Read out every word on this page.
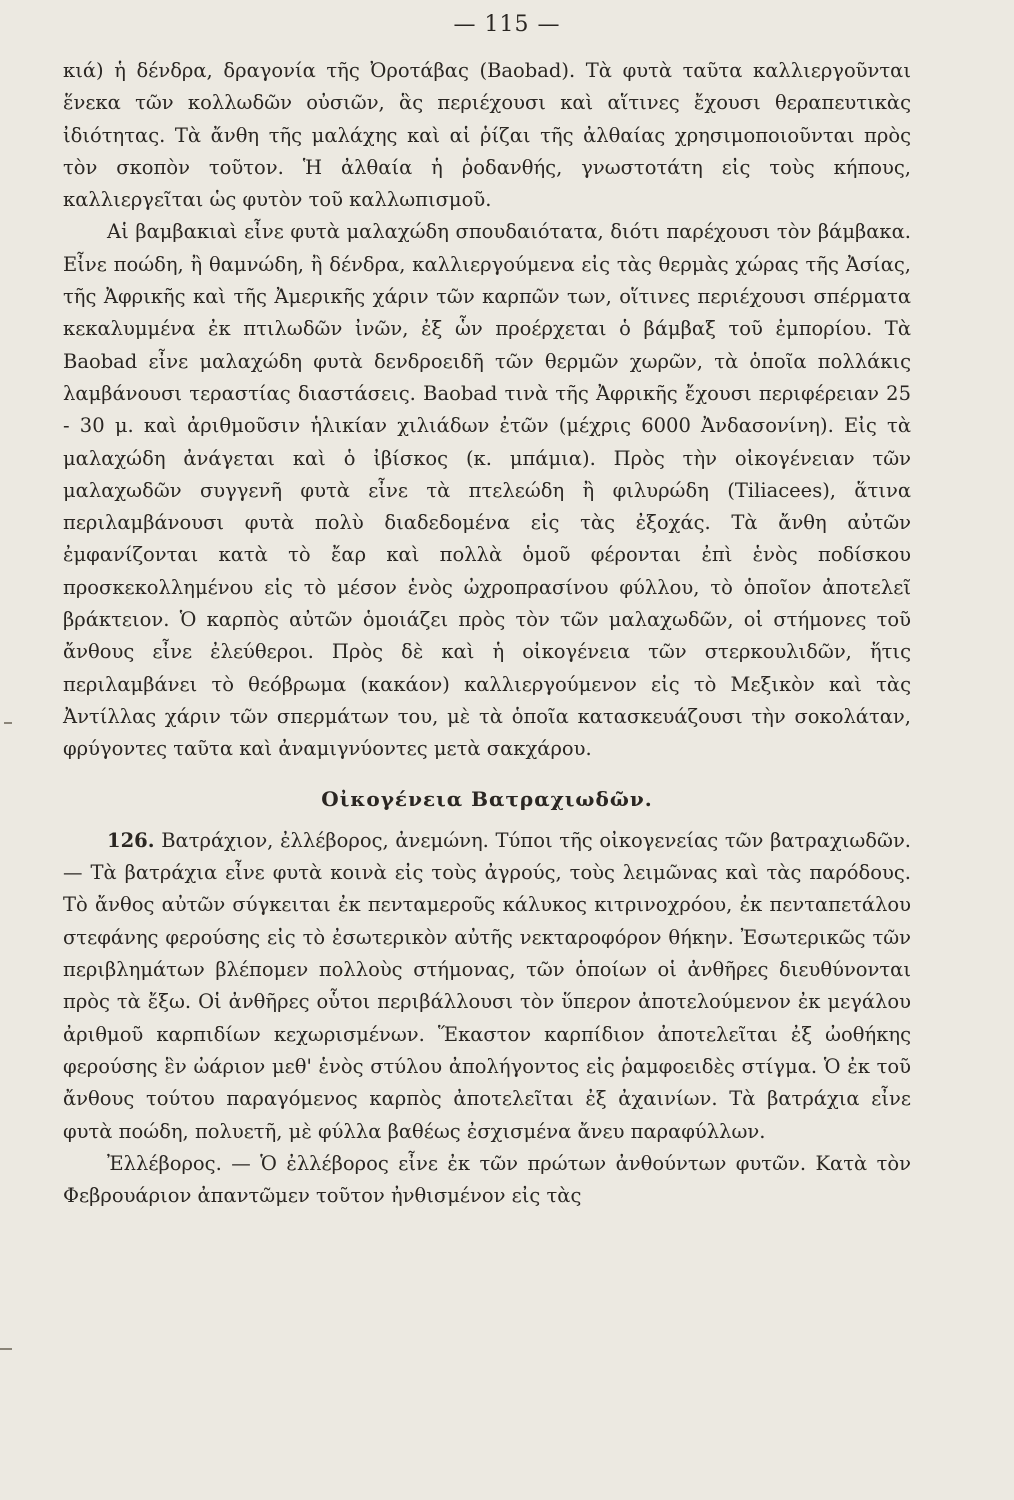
— 115 —

κιά) ἡ δένδρα, δραγονία τῆς Ὀροτάβας (Baobad). Τὰ φυτὰ ταῦτα καλλιεργοῦνται ἕνεκα τῶν κολλωδῶν οὐσιῶν, ἃς περιέχουσι καὶ αἵτινες ἔχουσι θεραπευτικὰς ἰδιότητας. Τὰ ἄνθη τῆς μαλάχης καὶ αἱ ῥίζαι τῆς ἀλθαίας χρησιμοποιοῦνται πρὸς τὸν σκοπὸν τοῦτον. Ἡ ἀλθαία ἡ ῥοδανθής, γνωστοτάτη εἰς τοὺς κήπους, καλλιεργεῖται ὡς φυτὸν τοῦ καλλωπισμοῦ.

Αἱ βαμβακιαὶ εἶνε φυτὰ μαλαχώδη σπουδαιότατα, διότι παρέχουσι τὸν βάμβακα. Εἶνε ποώδη, ἢ θαμνώδη, ἢ δένδρα, καλλιεργούμενα εἰς τὰς θερμὰς χώρας τῆς Ἀσίας, τῆς Ἀφρικῆς καὶ τῆς Ἀμερικῆς χάριν τῶν καρπῶν των, οἵτινες περιέχουσι σπέρματα κεκαλυμμένα ἐκ πτιλωδῶν ἰνῶν, ἐξ ὧν προέρχεται ὁ βάμβαξ τοῦ ἐμπορίου. Τὰ Baobad εἶνε μαλαχώδη φυτὰ δενδροειδῆ τῶν θερμῶν χωρῶν, τὰ ὁποῖα πολλάκις λαμβάνουσι τεραστίας διαστάσεις. Baobad τινὰ τῆς Ἀφρικῆς ἔχουσι περιφέρειαν 25 - 30 μ. καὶ ἀριθμοῦσιν ἡλικίαν χιλιάδων ἐτῶν (μέχρις 6000 Ἀνδασονίνη). Εἰς τὰ μαλαχώδη ἀνάγεται καὶ ὁ ἰβίσκος (κ. μπάμια). Πρὸς τὴν οἰκογένειαν τῶν μαλαχωδῶν συγγενῆ φυτὰ εἶνε τὰ πτελεώδη ἢ φιλυρώδη (Tiliacees), ἅτινα περιλαμβάνουσι φυτὰ πολὺ διαδεδομένα εἰς τὰς ἐξοχάς. Τὰ ἄνθη αὐτῶν ἐμφανίζονται κατὰ τὸ ἔαρ καὶ πολλὰ ὁμοῦ φέρονται ἐπὶ ἑνὸς ποδίσκου προσκεκολλημένου εἰς τὸ μέσον ἑνὸς ὠχροπρασίνου φύλλου, τὸ ὁποῖον ἀποτελεῖ βράκτειον. Ὁ καρπὸς αὐτῶν ὁμοιάζει πρὸς τὸν τῶν μαλαχωδῶν, οἱ στήμονες τοῦ ἄνθους εἶνε ἐλεύθεροι. Πρὸς δὲ καὶ ἡ οἰκογένεια τῶν στερκουλιδῶν, ἥτις περιλαμβάνει τὸ θεόβρωμα (κακάον) καλλιεργούμενον εἰς τὸ Μεξικὸν καὶ τὰς Ἀντίλλας χάριν τῶν σπερμάτων του, μὲ τὰ ὁποῖα κατασκευάζουσι τὴν σοκολάταν, φρύγοντες ταῦτα καὶ ἀναμιγνύοντες μετὰ σακχάρου.

Οἰκογένεια Βατραχιωδῶν.

126. Βατράχιον, ἐλλέβορος, ἀνεμώνη. Τύποι τῆς οἰκογενείας τῶν βατραχιωδῶν.— Τὰ βατράχια εἶνε φυτὰ κοινὰ εἰς τοὺς ἀγρούς, τοὺς λειμῶνας καὶ τὰς παρόδους. Τὸ ἄνθος αὐτῶν σύγκειται ἐκ πενταμεροῦς κάλυκος κιτρινοχρόου, ἐκ πενταπετάλου στεφάνης φερούσης εἰς τὸ ἐσωτερικὸν αὐτῆς νεκταροφόρον θήκην. Ἐσωτερικῶς τῶν περιβλημάτων βλέπομεν πολλοὺς στήμονας, τῶν ὁποίων οἱ ἀνθῆρες διευθύνονται πρὸς τὰ ἔξω. Οἱ ἀνθῆρες οὗτοι περιβάλλουσι τὸν ὕπερον ἀποτελούμενον ἐκ μεγάλου ἀριθμοῦ καρπιδίων κεχωρισμένων. Ἕκαστον καρπίδιον ἀποτελεῖται ἐξ ὠοθήκης φερούσης ἓν ὠάριον μεθ' ἑνὸς στύλου ἀπολήγοντος εἰς ῥαμφοειδὲς στίγμα. Ὁ ἐκ τοῦ ἄνθους τούτου παραγόμενος καρπὸς ἀποτελεῖται ἐξ ἀχαινίων. Τὰ βατράχια εἶνε φυτὰ ποώδη, πολυετῆ, μὲ φύλλα βαθέως ἐσχισμένα ἄνευ παραφύλλων.

Ἐλλέβορος. — Ὁ ἐλλέβορος εἶνε ἐκ τῶν πρώτων ἀνθούντων φυτῶν. Κατὰ τὸν Φεβρουάριον ἀπαντῶμεν τοῦτον ἠνθισμένον εἰς τὰς
